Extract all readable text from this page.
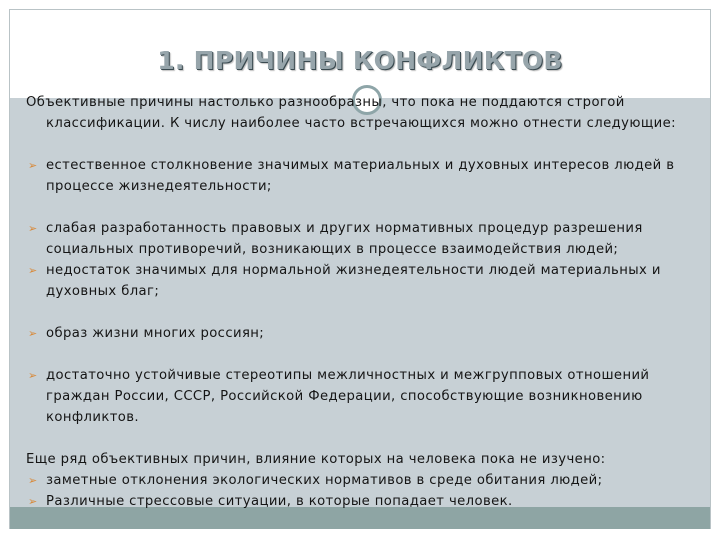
1. ПРИЧИНЫ КОНФЛИКТОВ

Объективные причины настолько разнообразны, что пока не поддаются строгой классификации. К числу наиболее часто встречающихся можно отнести следующие:

➢ естественное столкновение значимых материальных и духовных интересов людей в процессе жизнедеятельности;
➢ слабая разработанность правовых и других нормативных процедур разрешения социальных противоречий, возникающих в процессе взаимодействия людей;
➢ недостаток значимых для нормальной жизнедеятельности людей материальных и духовных благ;
➢ образ жизни многих россиян;
➢ достаточно устойчивые стереотипы межличностных и межгрупповых отношений граждан России, СССР, Российской Федерации, способствующие возникновению конфликтов.

Еще ряд объективных причин, влияние которых на человека пока не изучено:

➢ заметные отклонения экологических нормативов в среде обитания людей;
➢ Различные стрессовые ситуации, в которые попадает человек.
